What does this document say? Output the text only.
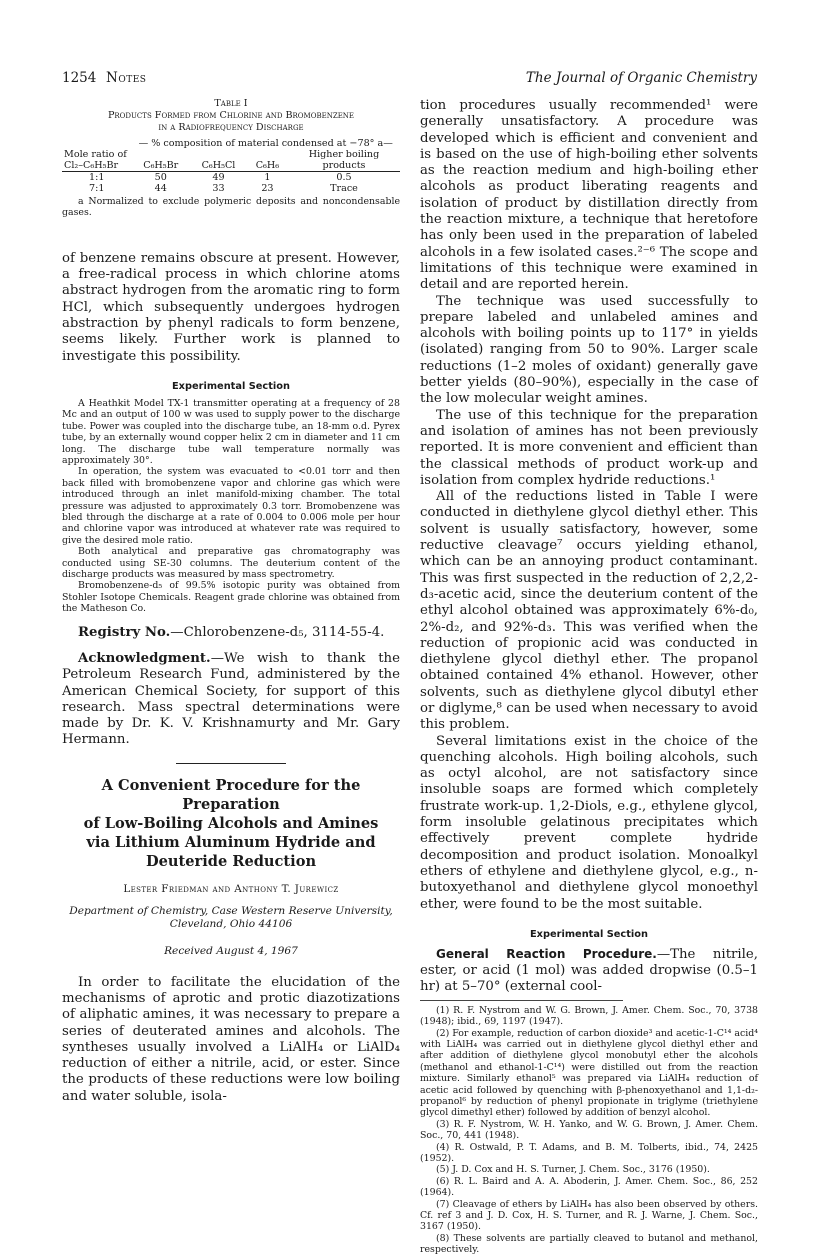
1254 Notes	The Journal of Organic Chemistry
Table I
Products Formed from Chlorine and Bromobenzene
in a Radiofrequency Discharge
	— % composition of material condensed at −78° a—			
Mole ratio of				Higher boiling
Cl₂–C₆H₅Br	C₆H₅Br	C₆H₅Cl	C₆H₆	products
1:1	50	49	1	0.5
7:1	44	33	23	Trace

a Normalized to exclude polymeric deposits and noncondensable gases.

of benzene remains obscure at present. However, a free-radical process in which chlorine atoms abstract hydrogen from the aromatic ring to form HCl, which subsequently undergoes hydrogen abstraction by phenyl radicals to form benzene, seems likely. Further work is planned to investigate this possibility.

Experimental Section

A Heathkit Model TX-1 transmitter operating at a frequency of 28 Mc and an output of 100 w was used to supply power to the discharge tube. Power was coupled into the discharge tube, an 18-mm o.d. Pyrex tube, by an externally wound copper helix 2 cm in diameter and 11 cm long. The discharge tube wall temperature normally was approximately 30°.

In operation, the system was evacuated to <0.01 torr and then back filled with bromobenzene vapor and chlorine gas which were introduced through an inlet manifold-mixing chamber. The total pressure was adjusted to approximately 0.3 torr. Bromobenzene was bled through the discharge at a rate of 0.004 to 0.006 mole per hour and chlorine vapor was introduced at whatever rate was required to give the desired mole ratio.

Both analytical and preparative gas chromatography was conducted using SE-30 columns. The deuterium content of the discharge products was measured by mass spectrometry.

Bromobenzene-d₅ of 99.5% isotopic purity was obtained from Stohler Isotope Chemicals. Reagent grade chlorine was obtained from the Matheson Co.

Registry No.—Chlorobenzene-d₅, 3114-55-4.

Acknowledgment.—We wish to thank the Petroleum Research Fund, administered by the American Chemical Society, for support of this research. Mass spectral determinations were made by Dr. K. V. Krishnamurty and Mr. Gary Hermann.

A Convenient Procedure for the Preparation
of Low-Boiling Alcohols and Amines
via Lithium Aluminum Hydride and
Deuteride Reduction
Lester Friedman and Anthony T. Jurewicz
Department of Chemistry, Case Western Reserve University,
Cleveland, Ohio 44106
Received August 4, 1967

In order to facilitate the elucidation of the mechanisms of aprotic and protic diazotizations of aliphatic amines, it was necessary to prepare a series of deuterated amines and alcohols. The syntheses usually involved a LiAlH₄ or LiAlD₄ reduction of either a nitrile, acid, or ester. Since the products of these reductions were low boiling and water soluble, isola-

tion procedures usually recommended¹ were generally unsatisfactory. A procedure was developed which is efficient and convenient and is based on the use of high-boiling ether solvents as the reaction medium and high-boiling ether alcohols as product liberating reagents and isolation of product by distillation directly from the reaction mixture, a technique that heretofore has only been used in the preparation of labeled alcohols in a few isolated cases.²⁻⁶ The scope and limitations of this technique were examined in detail and are reported herein.

The technique was used successfully to prepare labeled and unlabeled amines and alcohols with boiling points up to 117° in yields (isolated) ranging from 50 to 90%. Larger scale reductions (1–2 moles of oxidant) generally gave better yields (80–90%), especially in the case of the low molecular weight amines.

The use of this technique for the preparation and isolation of amines has not been previously reported. It is more convenient and efficient than the classical methods of product work-up and isolation from complex hydride reductions.¹

All of the reductions listed in Table I were conducted in diethylene glycol diethyl ether. This solvent is usually satisfactory, however, some reductive cleavage⁷ occurs yielding ethanol, which can be an annoying product contaminant. This was first suspected in the reduction of 2,2,2-d₃-acetic acid, since the deuterium content of the ethyl alcohol obtained was approximately 6%-d₀, 2%-d₂, and 92%-d₃. This was verified when the reduction of propionic acid was conducted in diethylene glycol diethyl ether. The propanol obtained contained 4% ethanol. However, other solvents, such as diethylene glycol dibutyl ether or diglyme,⁸ can be used when necessary to avoid this problem.

Several limitations exist in the choice of the quenching alcohols. High boiling alcohols, such as octyl alcohol, are not satisfactory since insoluble soaps are formed which completely frustrate work-up. 1,2-Diols, e.g., ethylene glycol, form insoluble gelatinous precipitates which effectively prevent complete hydride decomposition and product isolation. Monoalkyl ethers of ethylene and diethylene glycol, e.g., n-butoxyethanol and diethylene glycol monoethyl ether, were found to be the most suitable.

Experimental Section

General Reaction Procedure.—The nitrile, ester, or acid (1 mol) was added dropwise (0.5–1 hr) at 5–70° (external cool-

(1) R. F. Nystrom and W. G. Brown, J. Amer. Chem. Soc., 70, 3738 (1948); ibid., 69, 1197 (1947).

(2) For example, reduction of carbon dioxide³ and acetic-1-C¹⁴ acid⁴ with LiAlH₄ was carried out in diethylene glycol diethyl ether and after addition of diethylene glycol monobutyl ether the alcohols (methanol and ethanol-1-C¹⁴) were distilled out from the reaction mixture. Similarly ethanol⁵ was prepared via LiAlH₄ reduction of acetic acid followed by quenching with β-phenoxyethanol and 1,1-d₂-propanol⁶ by reduction of phenyl propionate in triglyme (triethylene glycol dimethyl ether) followed by addition of benzyl alcohol.

(3) R. F. Nystrom, W. H. Yanko, and W. G. Brown, J. Amer. Chem. Soc., 70, 441 (1948).

(4) R. Ostwald, P. T. Adams, and B. M. Tolberts, ibid., 74, 2425 (1952).

(5) J. D. Cox and H. S. Turner, J. Chem. Soc., 3176 (1950).

(6) R. L. Baird and A. A. Aboderin, J. Amer. Chem. Soc., 86, 252 (1964).

(7) Cleavage of ethers by LiAlH₄ has also been observed by others. Cf. ref 3 and J. D. Cox, H. S. Turner, and R. J. Warne, J. Chem. Soc., 3167 (1950).

(8) These solvents are partially cleaved to butanol and methanol, respectively.
